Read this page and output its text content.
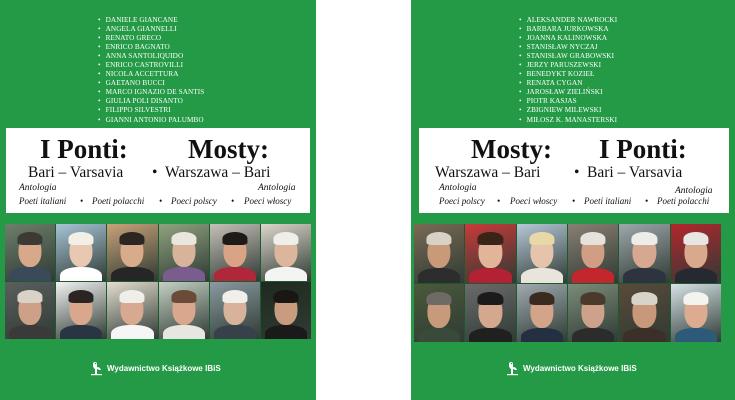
• DANIELE GIANCANE
• ANGELA GIANNELLI
• RENATO GRECO
• ENRICO BAGNATO
• ANNA SANTOLIQUIDO
• ENRICO CASTROVILLI
• NICOLA ACCETTURA
• GAETANO BUCCI
• MARCO IGNAZIO DE SANTIS
• GIULIA POLI DISANTO
• FILIPPO SILVESTRI
• GIANNI ANTONIO PALUMBO
I Ponti: Mosty:
Bari – Varsavia • Warszawa – Bari
Antologia	Antologia
Poeti italiani • Poeti polacchi • Poeci polscy • Poeci włoscy
Wydawnictwo Książkowe IBiS
• ALEKSANDER NAWROCKI
• BARBARA JURKOWSKA
• JOANNA KALINOWSKA
• STANISŁAW NYCZAJ
• STANISŁAW GRABOWSKI
• JERZY PARUSZEWSKI
• BENEDYKT KOZIEŁ
• RENATA CYGAN
• JAROSŁAW ZIELIŃSKI
• PIOTR KASJAS
• ZBIGNIEW MILEWSKI
• MIŁOSZ K. MANASTERSKI
Mosty: I Ponti:
Warszawa – Bari • Bari – Varsavia
Antologia	Antologia
Poeci polscy • Poeci włoscy • Poeti italiani • Poeti polacchi
Wydawnictwo Książkowe IBiS
